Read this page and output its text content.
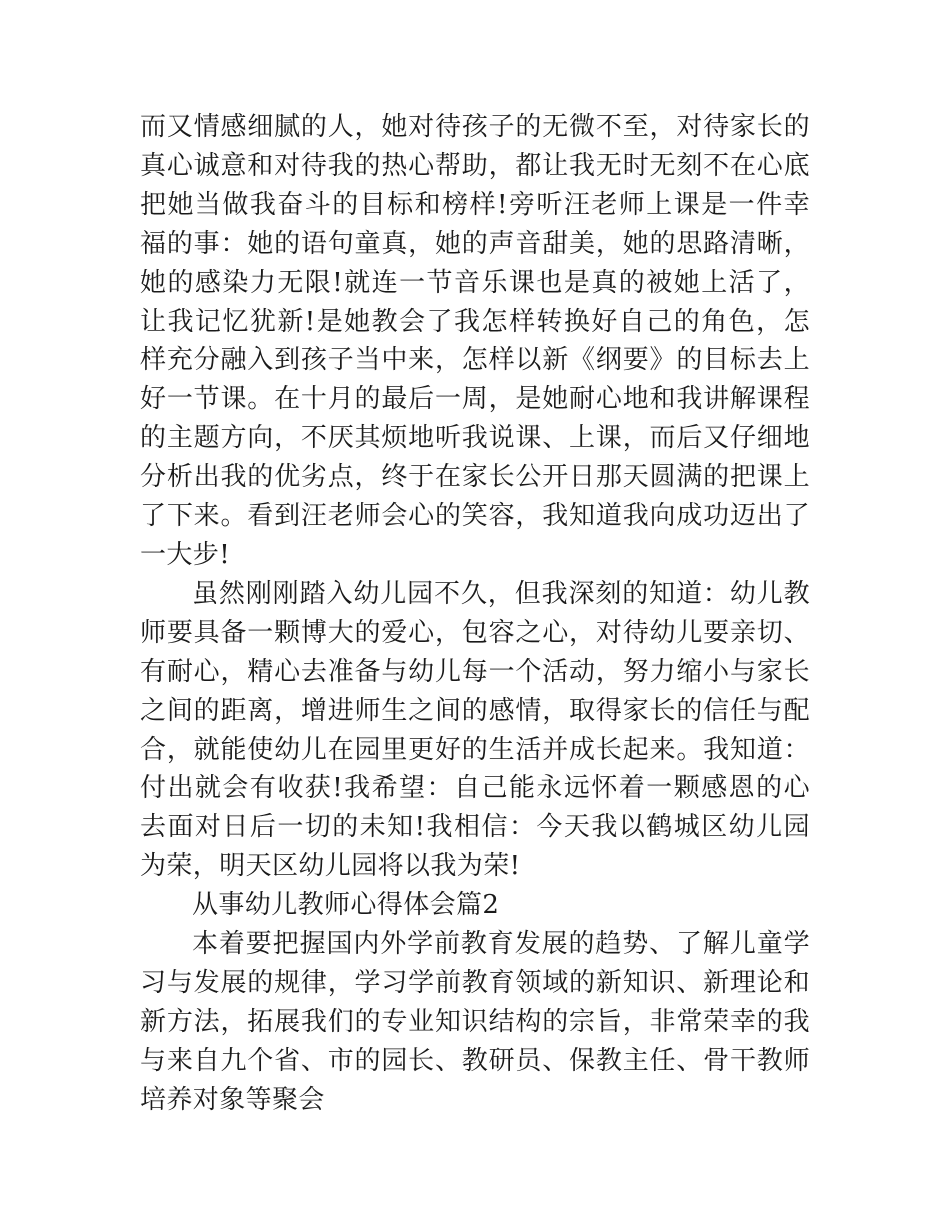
而又情感细腻的人，她对待孩子的无微不至，对待家长的真心诚意和对待我的热心帮助，都让我无时无刻不在心底把她当做我奋斗的目标和榜样!旁听汪老师上课是一件幸福的事：她的语句童真，她的声音甜美，她的思路清晰，她的感染力无限!就连一节音乐课也是真的被她上活了，让我记忆犹新!是她教会了我怎样转换好自己的角色，怎样充分融入到孩子当中来，怎样以新《纲要》的目标去上好一节课。在十月的最后一周，是她耐心地和我讲解课程的主题方向，不厌其烦地听我说课、上课，而后又仔细地分析出我的优劣点，终于在家长公开日那天圆满的把课上了下来。看到汪老师会心的笑容，我知道我向成功迈出了一大步!

虽然刚刚踏入幼儿园不久，但我深刻的知道：幼儿教师要具备一颗博大的爱心，包容之心，对待幼儿要亲切、有耐心，精心去准备与幼儿每一个活动，努力缩小与家长之间的距离，增进师生之间的感情，取得家长的信任与配合，就能使幼儿在园里更好的生活并成长起来。我知道：付出就会有收获!我希望：自己能永远怀着一颗感恩的心去面对日后一切的未知!我相信：今天我以鹤城区幼儿园为荣，明天区幼儿园将以我为荣!

从事幼儿教师心得体会篇2

本着要把握国内外学前教育发展的趋势、了解儿童学习与发展的规律，学习学前教育领域的新知识、新理论和新方法，拓展我们的专业知识结构的宗旨，非常荣幸的我与来自九个省、市的园长、教研员、保教主任、骨干教师培养对象等聚会
